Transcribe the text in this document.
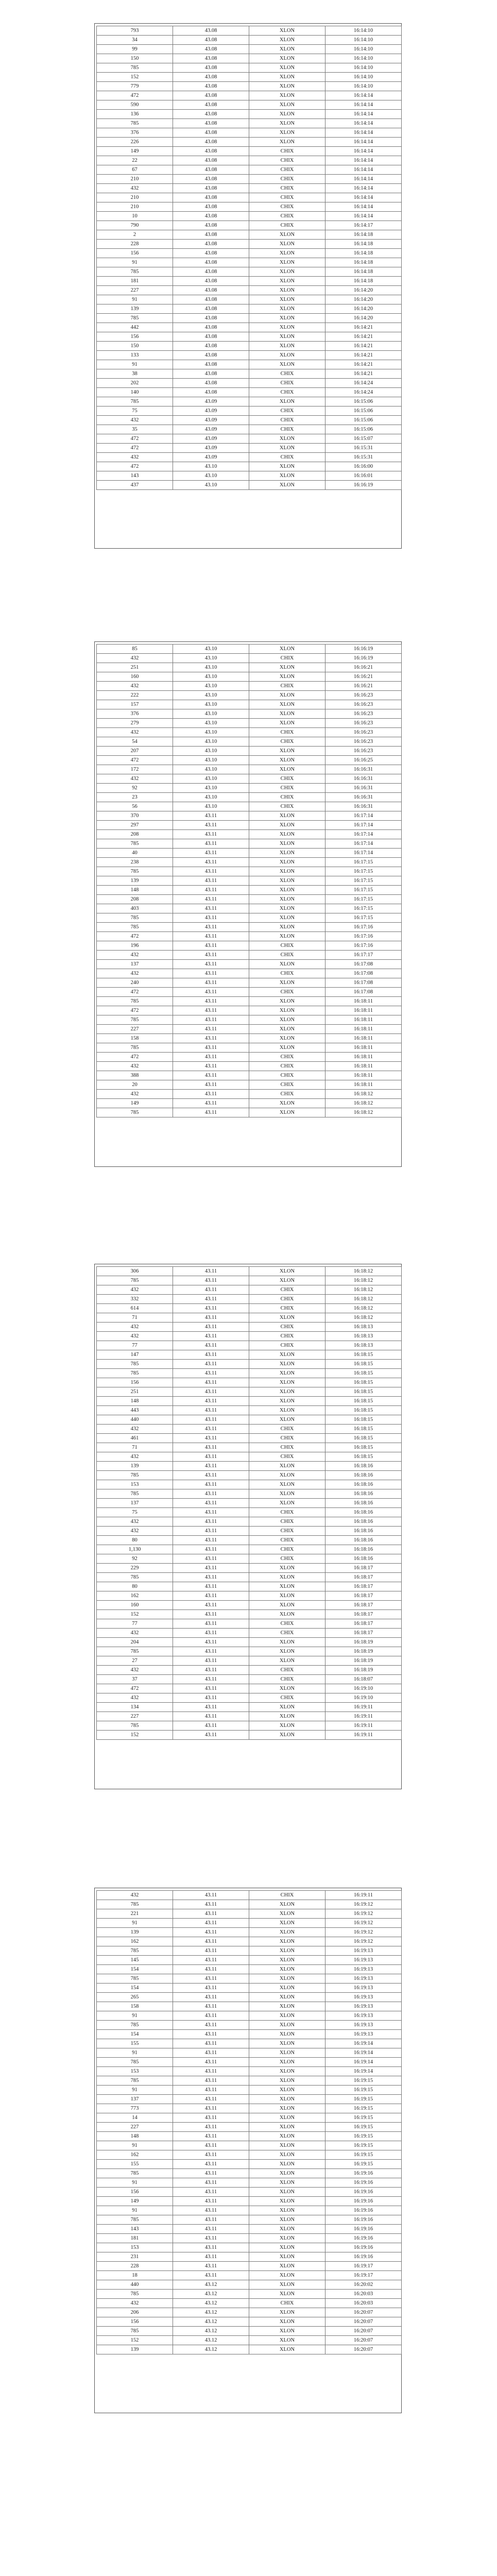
793	43.08	XLON	16:14:10
34	43.08	XLON	16:14:10
99	43.08	XLON	16:14:10
150	43.08	XLON	16:14:10
785	43.08	XLON	16:14:10
152	43.08	XLON	16:14:10
779	43.08	XLON	16:14:10
472	43.08	XLON	16:14:14
590	43.08	XLON	16:14:14
136	43.08	XLON	16:14:14
785	43.08	XLON	16:14:14
376	43.08	XLON	16:14:14
226	43.08	XLON	16:14:14
149	43.08	CHIX	16:14:14
22	43.08	CHIX	16:14:14
67	43.08	CHIX	16:14:14
210	43.08	CHIX	16:14:14
432	43.08	CHIX	16:14:14
210	43.08	CHIX	16:14:14
210	43.08	CHIX	16:14:14
10	43.08	CHIX	16:14:14
790	43.08	CHIX	16:14:17
2	43.08	XLON	16:14:18
228	43.08	XLON	16:14:18
156	43.08	XLON	16:14:18
91	43.08	XLON	16:14:18
785	43.08	XLON	16:14:18
181	43.08	XLON	16:14:18
227	43.08	XLON	16:14:20
91	43.08	XLON	16:14:20
139	43.08	XLON	16:14:20
785	43.08	XLON	16:14:20
442	43.08	XLON	16:14:21
156	43.08	XLON	16:14:21
150	43.08	XLON	16:14:21
133	43.08	XLON	16:14:21
91	43.08	XLON	16:14:21
38	43.08	CHIX	16:14:21
202	43.08	CHIX	16:14:24
140	43.08	CHIX	16:14:24
785	43.09	XLON	16:15:06
75	43.09	CHIX	16:15:06
432	43.09	CHIX	16:15:06
35	43.09	CHIX	16:15:06
472	43.09	XLON	16:15:07
472	43.09	XLON	16:15:31
432	43.09	CHIX	16:15:31
472	43.10	XLON	16:16:00
143	43.10	XLON	16:16:01
437	43.10	XLON	16:16:19
85	43.10	XLON	16:16:19
432	43.10	CHIX	16:16:19
251	43.10	XLON	16:16:21
160	43.10	XLON	16:16:21
432	43.10	CHIX	16:16:21
222	43.10	XLON	16:16:23
157	43.10	XLON	16:16:23
376	43.10	XLON	16:16:23
279	43.10	XLON	16:16:23
432	43.10	CHIX	16:16:23
54	43.10	CHIX	16:16:23
207	43.10	XLON	16:16:23
472	43.10	XLON	16:16:25
172	43.10	XLON	16:16:31
432	43.10	CHIX	16:16:31
92	43.10	CHIX	16:16:31
23	43.10	CHIX	16:16:31
56	43.10	CHIX	16:16:31
370	43.11	XLON	16:17:14
297	43.11	XLON	16:17:14
208	43.11	XLON	16:17:14
785	43.11	XLON	16:17:14
40	43.11	XLON	16:17:14
238	43.11	XLON	16:17:15
785	43.11	XLON	16:17:15
139	43.11	XLON	16:17:15
148	43.11	XLON	16:17:15
208	43.11	XLON	16:17:15
403	43.11	XLON	16:17:15
785	43.11	XLON	16:17:15
785	43.11	XLON	16:17:16
472	43.11	XLON	16:17:16
196	43.11	CHIX	16:17:16
432	43.11	CHIX	16:17:17
137	43.11	XLON	16:17:08
432	43.11	CHIX	16:17:08
240	43.11	XLON	16:17:08
472	43.11	CHIX	16:17:08
785	43.11	XLON	16:18:11
472	43.11	XLON	16:18:11
785	43.11	XLON	16:18:11
227	43.11	XLON	16:18:11
158	43.11	XLON	16:18:11
785	43.11	XLON	16:18:11
472	43.11	CHIX	16:18:11
432	43.11	CHIX	16:18:11
388	43.11	CHIX	16:18:11
20	43.11	CHIX	16:18:11
432	43.11	CHIX	16:18:12
149	43.11	XLON	16:18:12
785	43.11	XLON	16:18:12
306	43.11	XLON	16:18:12
785	43.11	XLON	16:18:12
432	43.11	CHIX	16:18:12
332	43.11	CHIX	16:18:12
614	43.11	CHIX	16:18:12
71	43.11	XLON	16:18:12
432	43.11	CHIX	16:18:13
432	43.11	CHIX	16:18:13
77	43.11	CHIX	16:18:13
147	43.11	XLON	16:18:15
785	43.11	XLON	16:18:15
785	43.11	XLON	16:18:15
156	43.11	XLON	16:18:15
251	43.11	XLON	16:18:15
148	43.11	XLON	16:18:15
443	43.11	XLON	16:18:15
440	43.11	XLON	16:18:15
432	43.11	CHIX	16:18:15
461	43.11	CHIX	16:18:15
71	43.11	CHIX	16:18:15
432	43.11	CHIX	16:18:15
139	43.11	XLON	16:18:16
785	43.11	XLON	16:18:16
153	43.11	XLON	16:18:16
785	43.11	XLON	16:18:16
137	43.11	XLON	16:18:16
75	43.11	CHIX	16:18:16
432	43.11	CHIX	16:18:16
432	43.11	CHIX	16:18:16
80	43.11	CHIX	16:18:16
1,130	43.11	CHIX	16:18:16
92	43.11	CHIX	16:18:16
229	43.11	XLON	16:18:17
785	43.11	XLON	16:18:17
80	43.11	XLON	16:18:17
162	43.11	XLON	16:18:17
160	43.11	XLON	16:18:17
152	43.11	XLON	16:18:17
77	43.11	CHIX	16:18:17
432	43.11	CHIX	16:18:17
204	43.11	XLON	16:18:19
785	43.11	XLON	16:18:19
27	43.11	XLON	16:18:19
432	43.11	CHIX	16:18:19
37	43.11	CHIX	16:18:07
472	43.11	XLON	16:19:10
432	43.11	CHIX	16:19:10
134	43.11	XLON	16:19:11
227	43.11	XLON	16:19:11
785	43.11	XLON	16:19:11
152	43.11	XLON	16:19:11
432	43.11	CHIX	16:19:11
785	43.11	XLON	16:19:12
221	43.11	XLON	16:19:12
91	43.11	XLON	16:19:12
139	43.11	XLON	16:19:12
162	43.11	XLON	16:19:12
785	43.11	XLON	16:19:13
145	43.11	XLON	16:19:13
154	43.11	XLON	16:19:13
785	43.11	XLON	16:19:13
154	43.11	XLON	16:19:13
265	43.11	XLON	16:19:13
158	43.11	XLON	16:19:13
91	43.11	XLON	16:19:13
785	43.11	XLON	16:19:13
154	43.11	XLON	16:19:13
155	43.11	XLON	16:19:14
91	43.11	XLON	16:19:14
785	43.11	XLON	16:19:14
153	43.11	XLON	16:19:14
785	43.11	XLON	16:19:15
91	43.11	XLON	16:19:15
137	43.11	XLON	16:19:15
773	43.11	XLON	16:19:15
14	43.11	XLON	16:19:15
227	43.11	XLON	16:19:15
148	43.11	XLON	16:19:15
91	43.11	XLON	16:19:15
162	43.11	XLON	16:19:15
155	43.11	XLON	16:19:15
785	43.11	XLON	16:19:16
91	43.11	XLON	16:19:16
156	43.11	XLON	16:19:16
149	43.11	XLON	16:19:16
91	43.11	XLON	16:19:16
785	43.11	XLON	16:19:16
143	43.11	XLON	16:19:16
181	43.11	XLON	16:19:16
153	43.11	XLON	16:19:16
231	43.11	XLON	16:19:16
228	43.11	XLON	16:19:17
18	43.11	XLON	16:19:17
440	43.12	XLON	16:20:02
785	43.12	XLON	16:20:03
432	43.12	CHIX	16:20:03
206	43.12	XLON	16:20:07
156	43.12	XLON	16:20:07
785	43.12	XLON	16:20:07
152	43.12	XLON	16:20:07
139	43.12	XLON	16:20:07
